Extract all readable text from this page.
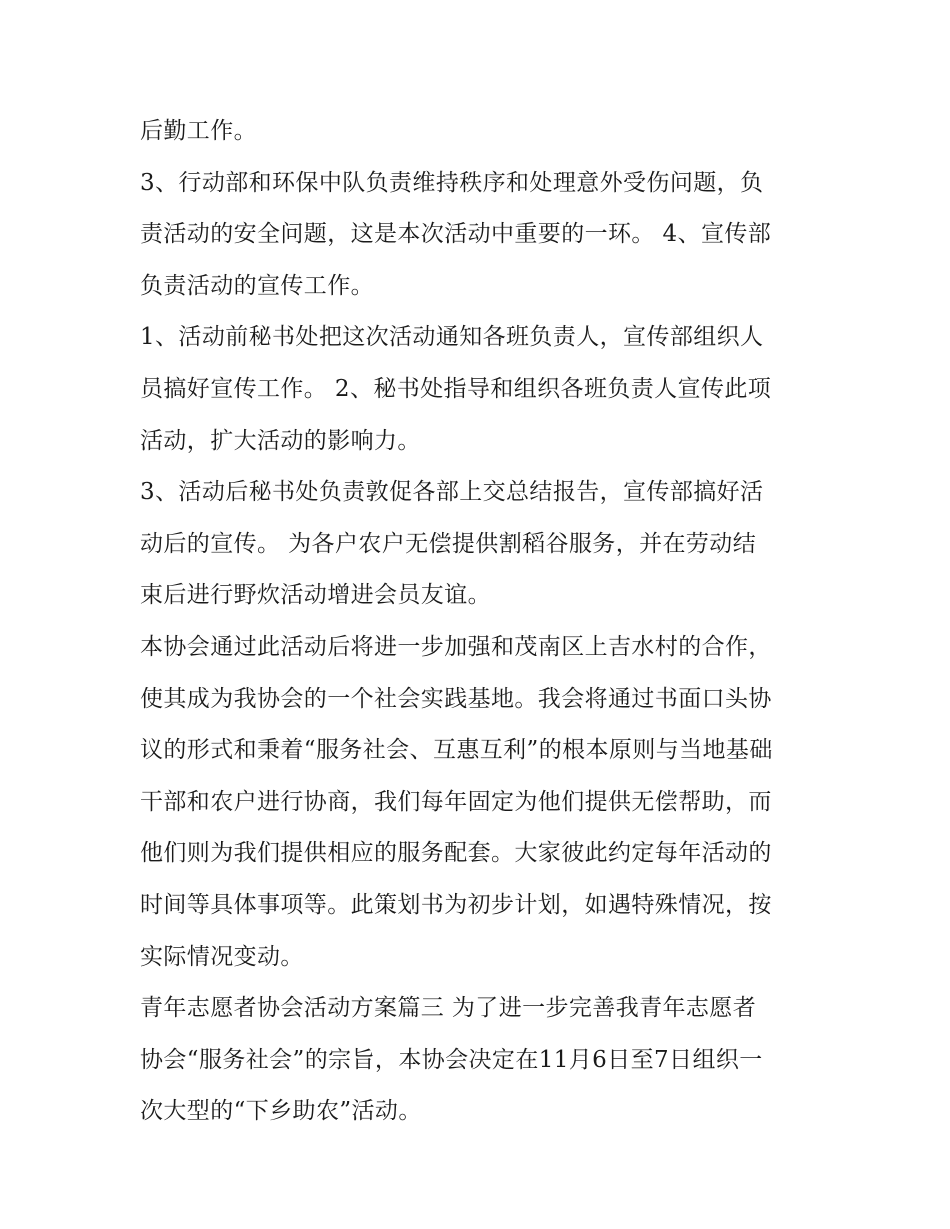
后勤工作。
3、行动部和环保中队负责维持秩序和处理意外受伤问题，负
责活动的安全问题，这是本次活动中重要的一环。 4、宣传部
负责活动的宣传工作。
1、活动前秘书处把这次活动通知各班负责人，宣传部组织人
员搞好宣传工作。 2、秘书处指导和组织各班负责人宣传此项
活动，扩大活动的影响力。
3、活动后秘书处负责敦促各部上交总结报告，宣传部搞好活
动后的宣传。 为各户农户无偿提供割稻谷服务，并在劳动结
束后进行野炊活动增进会员友谊。
本协会通过此活动后将进一步加强和茂南区上吉水村的合作，
使其成为我协会的一个社会实践基地。我会将通过书面口头协
议的形式和秉着“服务社会、互惠互利”的根本原则与当地基础
干部和农户进行协商，我们每年固定为他们提供无偿帮助，而
他们则为我们提供相应的服务配套。大家彼此约定每年活动的
时间等具体事项等。此策划书为初步计划，如遇特殊情况，按
实际情况变动。
青年志愿者协会活动方案篇三 为了进一步完善我青年志愿者
协会“服务社会”的宗旨，本协会决定在11月6日至7日组织一
次大型的“下乡助农”活动。
